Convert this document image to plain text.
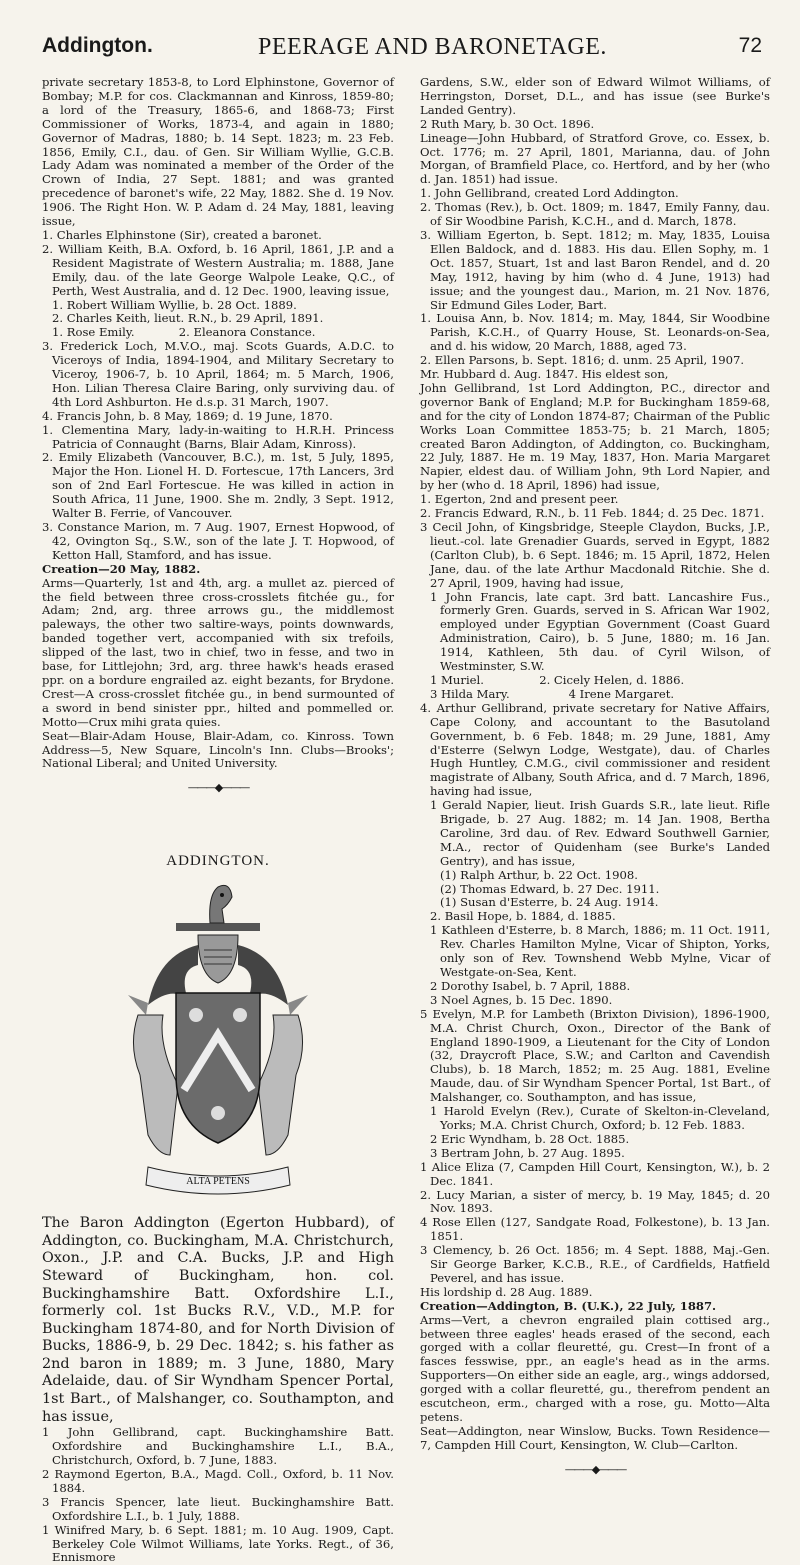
Addington.	PEERAGE AND BARONETAGE.	72

private secretary 1853-8, to Lord Elphinstone, Governor of Bombay; M.P. for cos. Clackmannan and Kinross, 1859-80; a lord of the Treasury, 1865-6, and 1868-73; First Commissioner of Works, 1873-4, and again in 1880; Governor of Madras, 1880; b. 14 Sept. 1823; m. 23 Feb. 1856, Emily, C.I., dau. of Gen. Sir William Wyllie, G.C.B. Lady Adam was nominated a member of the Order of the Crown of India, 27 Sept. 1881; and was granted precedence of baronet's wife, 22 May, 1882. She d. 19 Nov. 1906. The Right Hon. W. P. Adam d. 24 May, 1881, leaving issue,

1. Charles Elphinstone (Sir), created a baronet.

2. William Keith, B.A. Oxford, b. 16 April, 1861, J.P. and a Resident Magistrate of Western Australia; m. 1888, Jane Emily, dau. of the late George Walpole Leake, Q.C., of Perth, West Australia, and d. 12 Dec. 1900, leaving issue,

1. Robert William Wyllie, b. 28 Oct. 1889.

2. Charles Keith, lieut. R.N., b. 29 April, 1891.

1. Rose Emily.	2. Eleanora Constance.

3. Frederick Loch, M.V.O., maj. Scots Guards, A.D.C. to Viceroys of India, 1894-1904, and Military Secretary to Viceroy, 1906-7, b. 10 April, 1864; m. 5 March, 1906, Hon. Lilian Theresa Claire Baring, only surviving dau. of 4th Lord Ashburton. He d.s.p. 31 March, 1907.

4. Francis John, b. 8 May, 1869; d. 19 June, 1870.

1. Clementina Mary, lady-in-waiting to H.R.H. Princess Patricia of Connaught (Barns, Blair Adam, Kinross).

2. Emily Elizabeth (Vancouver, B.C.), m. 1st, 5 July, 1895, Major the Hon. Lionel H. D. Fortescue, 17th Lancers, 3rd son of 2nd Earl Fortescue. He was killed in action in South Africa, 11 June, 1900. She m. 2ndly, 3 Sept. 1912, Walter B. Ferrie, of Vancouver.

3. Constance Marion, m. 7 Aug. 1907, Ernest Hopwood, of 42, Ovington Sq., S.W., son of the late J. T. Hopwood, of Ketton Hall, Stamford, and has issue.

Creation—20 May, 1882.

Arms—Quarterly, 1st and 4th, arg. a mullet az. pierced of the field between three cross-crosslets fitchée gu., for Adam; 2nd, arg. three arrows gu., the middlemost paleways, the other two saltire-ways, points downwards, banded together vert, accompanied with six trefoils, slipped of the last, two in chief, two in fesse, and two in base, for Littlejohn; 3rd, arg. three hawk's heads erased ppr. on a bordure engrailed az. eight bezants, for Brydone. Crest—A cross-crosslet fitchée gu., in bend surmounted of a sword in bend sinister ppr., hilted and pommelled or. Motto—Crux mihi grata quies.

Seat—Blair-Adam House, Blair-Adam, co. Kinross. Town Address—5, New Square, Lincoln's Inn. Clubs—Brooks'; National Liberal; and United University.

———◆———
ADDINGTON.
ALTA PETENS

The Baron Addington (Egerton Hubbard), of Addington, co. Buckingham, M.A. Christchurch, Oxon., J.P. and C.A. Bucks, J.P. and High Steward of Buckingham, hon. col. Buckinghamshire Batt. Oxfordshire L.I., formerly col. 1st Bucks R.V., V.D., M.P. for Buckingham 1874-80, and for North Division of Bucks, 1886-9, b. 29 Dec. 1842; s. his father as 2nd baron in 1889; m. 3 June, 1880, Mary Adelaide, dau. of Sir Wyndham Spencer Portal, 1st Bart., of Malshanger, co. Southampton, and has issue,

1 John Gellibrand, capt. Buckinghamshire Batt. Oxfordshire and Buckinghamshire L.I., B.A., Christchurch, Oxford, b. 7 June, 1883.

2 Raymond Egerton, B.A., Magd. Coll., Oxford, b. 11 Nov. 1884.

3 Francis Spencer, late lieut. Buckinghamshire Batt. Oxfordshire L.I., b. 1 July, 1888.

1 Winifred Mary, b. 6 Sept. 1881; m. 10 Aug. 1909, Capt. Berkeley Cole Wilmot Williams, late Yorks. Regt., of 36, Ennismore

Gardens, S.W., elder son of Edward Wilmot Williams, of Herringston, Dorset, D.L., and has issue (see Burke's Landed Gentry).

2 Ruth Mary, b. 30 Oct. 1896.

Lineage—John Hubbard, of Stratford Grove, co. Essex, b. Oct. 1776; m. 27 April, 1801, Marianna, dau. of John Morgan, of Bramfield Place, co. Hertford, and by her (who d. Jan. 1851) had issue.

1. John Gellibrand, created Lord Addington.

2. Thomas (Rev.), b. Oct. 1809; m. 1847, Emily Fanny, dau. of Sir Woodbine Parish, K.C.H., and d. March, 1878.

3. William Egerton, b. Sept. 1812; m. May, 1835, Louisa Ellen Baldock, and d. 1883. His dau. Ellen Sophy, m. 1 Oct. 1857, Stuart, 1st and last Baron Rendel, and d. 20 May, 1912, having by him (who d. 4 June, 1913) had issue; and the youngest dau., Marion, m. 21 Nov. 1876, Sir Edmund Giles Loder, Bart.

1. Louisa Ann, b. Nov. 1814; m. May, 1844, Sir Woodbine Parish, K.C.H., of Quarry House, St. Leonards-on-Sea, and d. his widow, 20 March, 1888, aged 73.

2. Ellen Parsons, b. Sept. 1816; d. unm. 25 April, 1907.

Mr. Hubbard d. Aug. 1847. His eldest son,

John Gellibrand, 1st Lord Addington, P.C., director and governor Bank of England; M.P. for Buckingham 1859-68, and for the city of London 1874-87; Chairman of the Public Works Loan Committee 1853-75; b. 21 March, 1805; created Baron Addington, of Addington, co. Buckingham, 22 July, 1887. He m. 19 May, 1837, Hon. Maria Margaret Napier, eldest dau. of William John, 9th Lord Napier, and by her (who d. 18 April, 1896) had issue,

1. Egerton, 2nd and present peer.

2. Francis Edward, R.N., b. 11 Feb. 1844; d. 25 Dec. 1871.

3 Cecil John, of Kingsbridge, Steeple Claydon, Bucks, J.P., lieut.-col. late Grenadier Guards, served in Egypt, 1882 (Carlton Club), b. 6 Sept. 1846; m. 15 April, 1872, Helen Jane, dau. of the late Arthur Macdonald Ritchie. She d. 27 April, 1909, having had issue,

1 John Francis, late capt. 3rd batt. Lancashire Fus., formerly Gren. Guards, served in S. African War 1902, employed under Egyptian Government (Coast Guard Administration, Cairo), b. 5 June, 1880; m. 16 Jan. 1914, Kathleen, 5th dau. of Cyril Wilson, of Westminster, S.W.

1 Muriel.	2. Cicely Helen, d. 1886.

3 Hilda Mary.	4 Irene Margaret.

4. Arthur Gellibrand, private secretary for Native Affairs, Cape Colony, and accountant to the Basutoland Government, b. 6 Feb. 1848; m. 29 June, 1881, Amy d'Esterre (Selwyn Lodge, Westgate), dau. of Charles Hugh Huntley, C.M.G., civil commissioner and resident magistrate of Albany, South Africa, and d. 7 March, 1896, having had issue,

1 Gerald Napier, lieut. Irish Guards S.R., late lieut. Rifle Brigade, b. 27 Aug. 1882; m. 14 Jan. 1908, Bertha Caroline, 3rd dau. of Rev. Edward Southwell Garnier, M.A., rector of Quidenham (see Burke's Landed Gentry), and has issue,

(1) Ralph Arthur, b. 22 Oct. 1908.

(2) Thomas Edward, b. 27 Dec. 1911.

(1) Susan d'Esterre, b. 24 Aug. 1914.

2. Basil Hope, b. 1884, d. 1885.

1 Kathleen d'Esterre, b. 8 March, 1886; m. 11 Oct. 1911, Rev. Charles Hamilton Mylne, Vicar of Shipton, Yorks, only son of Rev. Townshend Webb Mylne, Vicar of Westgate-on-Sea, Kent.

2 Dorothy Isabel, b. 7 April, 1888.

3 Noel Agnes, b. 15 Dec. 1890.

5 Evelyn, M.P. for Lambeth (Brixton Division), 1896-1900, M.A. Christ Church, Oxon., Director of the Bank of England 1890-1909, a Lieutenant for the City of London (32, Draycroft Place, S.W.; and Carlton and Cavendish Clubs), b. 18 March, 1852; m. 25 Aug. 1881, Eveline Maude, dau. of Sir Wyndham Spencer Portal, 1st Bart., of Malshanger, co. Southampton, and has issue,

1 Harold Evelyn (Rev.), Curate of Skelton-in-Cleveland, Yorks; M.A. Christ Church, Oxford; b. 12 Feb. 1883.

2 Eric Wyndham, b. 28 Oct. 1885.

3 Bertram John, b. 27 Aug. 1895.

1 Alice Eliza (7, Campden Hill Court, Kensington, W.), b. 2 Dec. 1841.

2. Lucy Marian, a sister of mercy, b. 19 May, 1845; d. 20 Nov. 1893.

4 Rose Ellen (127, Sandgate Road, Folkestone), b. 13 Jan. 1851.

3 Clemency, b. 26 Oct. 1856; m. 4 Sept. 1888, Maj.-Gen. Sir George Barker, K.C.B., R.E., of Cardfields, Hatfield Peverel, and has issue.

His lordship d. 28 Aug. 1889.

Creation—Addington, B. (U.K.), 22 July, 1887.

Arms—Vert, a chevron engrailed plain cottised arg., between three eagles' heads erased of the second, each gorged with a collar fleuretté, gu. Crest—In front of a fasces fesswise, ppr., an eagle's head as in the arms. Supporters—On either side an eagle, arg., wings addorsed, gorged with a collar fleuretté, gu., therefrom pendent an escutcheon, erm., charged with a rose, gu. Motto—Alta petens.

Seat—Addington, near Winslow, Bucks. Town Residence—7, Campden Hill Court, Kensington, W. Club—Carlton.

———◆———
